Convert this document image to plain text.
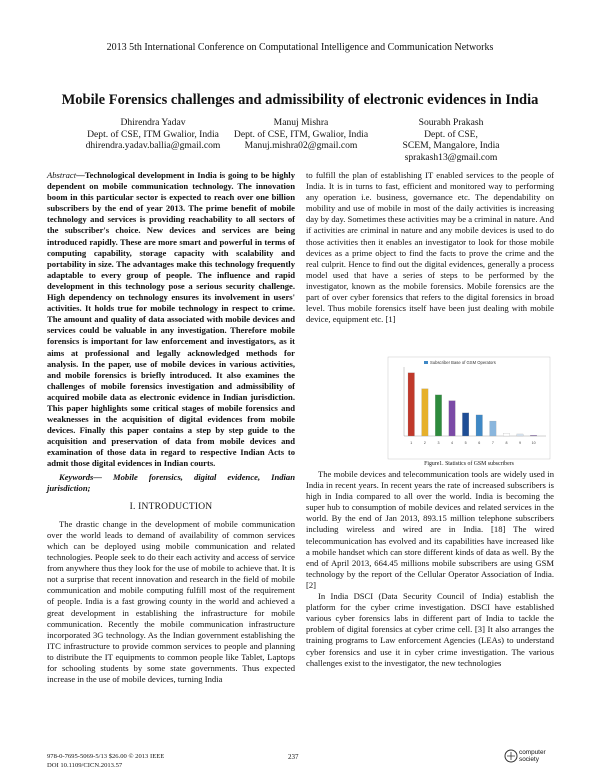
2013 5th International Conference on Computational Intelligence and Communication Networks
Mobile Forensics challenges and admissibility of electronic evidences in India
Dhirendra Yadav
Dept. of CSE, ITM Gwalior, India
dhirendra.yadav.ballia@gmail.com
Manuj Mishra
Dept. of CSE, ITM, Gwalior, India
Manuj.mishra02@gmail.com
Sourabh Prakash
Dept. of CSE,
SCEM, Mangalore, India
sprakash13@gmail.com

Abstract—Technological development in India is going to be highly dependent on mobile communication technology. The innovation boom in this particular sector is expected to reach over one billion subscribers by the end of year 2013. The prime benefit of mobile technology and services is providing reachability to all sectors of the subscriber's choice. New devices and services are being introduced rapidly. These are more smart and powerful in terms of computing capability, storage capacity with scalability and portability in size. The advantages make this technology frequently adaptable to every group of people. The influence and rapid development in this technology pose a serious security challenge. High dependency on technology ensures its involvement in users' activities. It holds true for mobile technology in respect to crime. The amount and quality of data associated with mobile devices and services could be valuable in any investigation. Therefore mobile forensics is important for law enforcement and investigators, as it aims at professional and legally acknowledged methods for analysis. In the paper, use of mobile devices in various activities, and mobile forensics is briefly introduced. It also examines the challenges of mobile forensics investigation and admissibility of acquired mobile data as electronic evidence in Indian jurisdiction. This paper highlights some critical stages of mobile forensics and weaknesses in the acquisition of digital evidences from mobile devices. Finally this paper contains a step by step guide to the acquisition and preservation of data from mobile devices and examination of those data in regard to respective Indian Acts to admit those digital evidences in Indian courts.

Keywords— Mobile forensics, digital evidence, Indian jurisdiction;

I. INTRODUCTION

The drastic change in the development of mobile communication over the world leads to demand of availability of common services which can be deployed using mobile communication and related technologies. People seek to do their each activity and access of service from anywhere thus they look for the use of mobile to achieve that. It is not a surprise that recent innovation and research in the field of mobile communication and mobile computing fulfill most of the requirement of people. India is a fast growing county in the world and achieved a great development in establishing the infrastructure for mobile communication. Recently the mobile communication infrastructure incorporated 3G technology. As the Indian government establishing the ITC infrastructure to provide common services to people and planning to distribute the IT equipments to common people like Tablet, Laptops for schooling students by some state governments. Thus expected increase in the use of mobile devices, turning India

to fulfill the plan of establishing IT enabled services to the people of India. It is in turns to fast, efficient and monitored way to performing any operation i.e. business, governance etc. The dependability on mobility and use of mobile in most of the daily activities is increasing day by day. Sometimes these activities may be a criminal in nature. And if activities are criminal in nature and any mobile devices is used to do those activities then it enables an investigator to look for those mobile devices as a prime object to find the facts to prove the crime and the real culprit. Hence to find out the digital evidences, generally a process model used that have a series of steps to be performed by the investigator, known as the mobile forensics. Mobile forensics are the part of over cyber forensics that refers to the digital forensics in broad level. Thus mobile forensics itself have been just dealing with mobile device, equipment etc. [1]

Subscriber Base of GSM Operators
1	2	3	4	5	6	7	8	9	10
Figure1. Statistics of GSM subscribers

The mobile devices and telecommunication tools are widely used in India in recent years. In recent years the rate of increased subscribers is high in India compared to all over the world. India is becoming the super hub to consumption of mobile devices and related services in the world. By the end of Jan 2013, 893.15 million telephone subscribers including wireless and wired are in India. [18] The wired telecommunication has evolved and its capabilities have increased like a mobile handset which can store different kinds of data as well. By the end of April 2013, 664.45 millions mobile subscribers are using GSM technology by the report of the Cellular Operator Association of India. [2]

In India DSCI (Data Security Council of India) establish the platform for the cyber crime investigation. DSCI have established various cyber forensics labs in different part of India to tackle the problem of digital forensics at cyber crime cell. [3] It also arranges the training programs to Law enforcement Agencies (LEAs) to understand cyber forensics and use it in cyber crime investigation. The various challenges exist to the investigator, the new technologies

978-0-7695-5069-5/13 $26.00 © 2013 IEEE
DOI 10.1109/CICN.2013.57
237
computer
society
